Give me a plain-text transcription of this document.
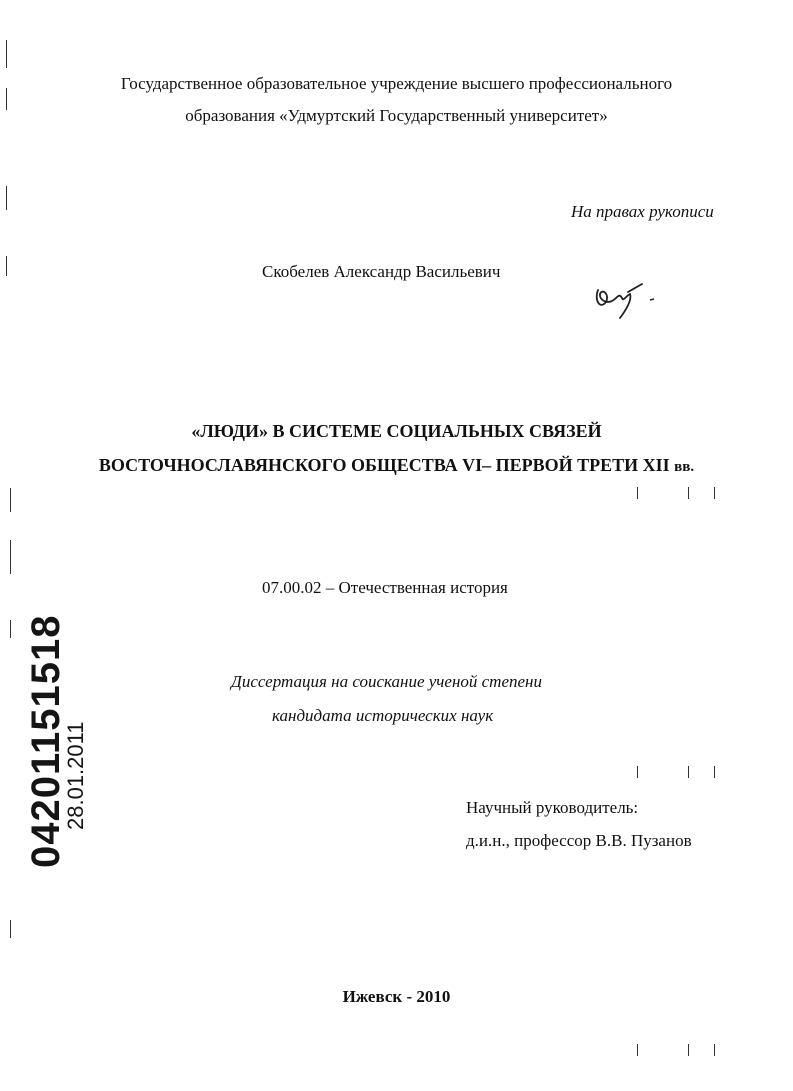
Государственное образовательное учреждение высшего профессионального
образования «Удмуртский Государственный университет»
На правах рукописи
Скобелев Александр Васильевич
«ЛЮДИ» В СИСТЕМЕ СОЦИАЛЬНЫХ СВЯЗЕЙ
ВОСТОЧНОСЛАВЯНСКОГО ОБЩЕСТВА VI– ПЕРВОЙ ТРЕТИ XII вв.
07.00.02 – Отечественная история
Диссертация на соискание ученой степени
кандидата исторических наук
Научный руководитель:
д.и.н., профессор В.В. Пузанов
Ижевск - 2010
04201151518
28.01.2011
